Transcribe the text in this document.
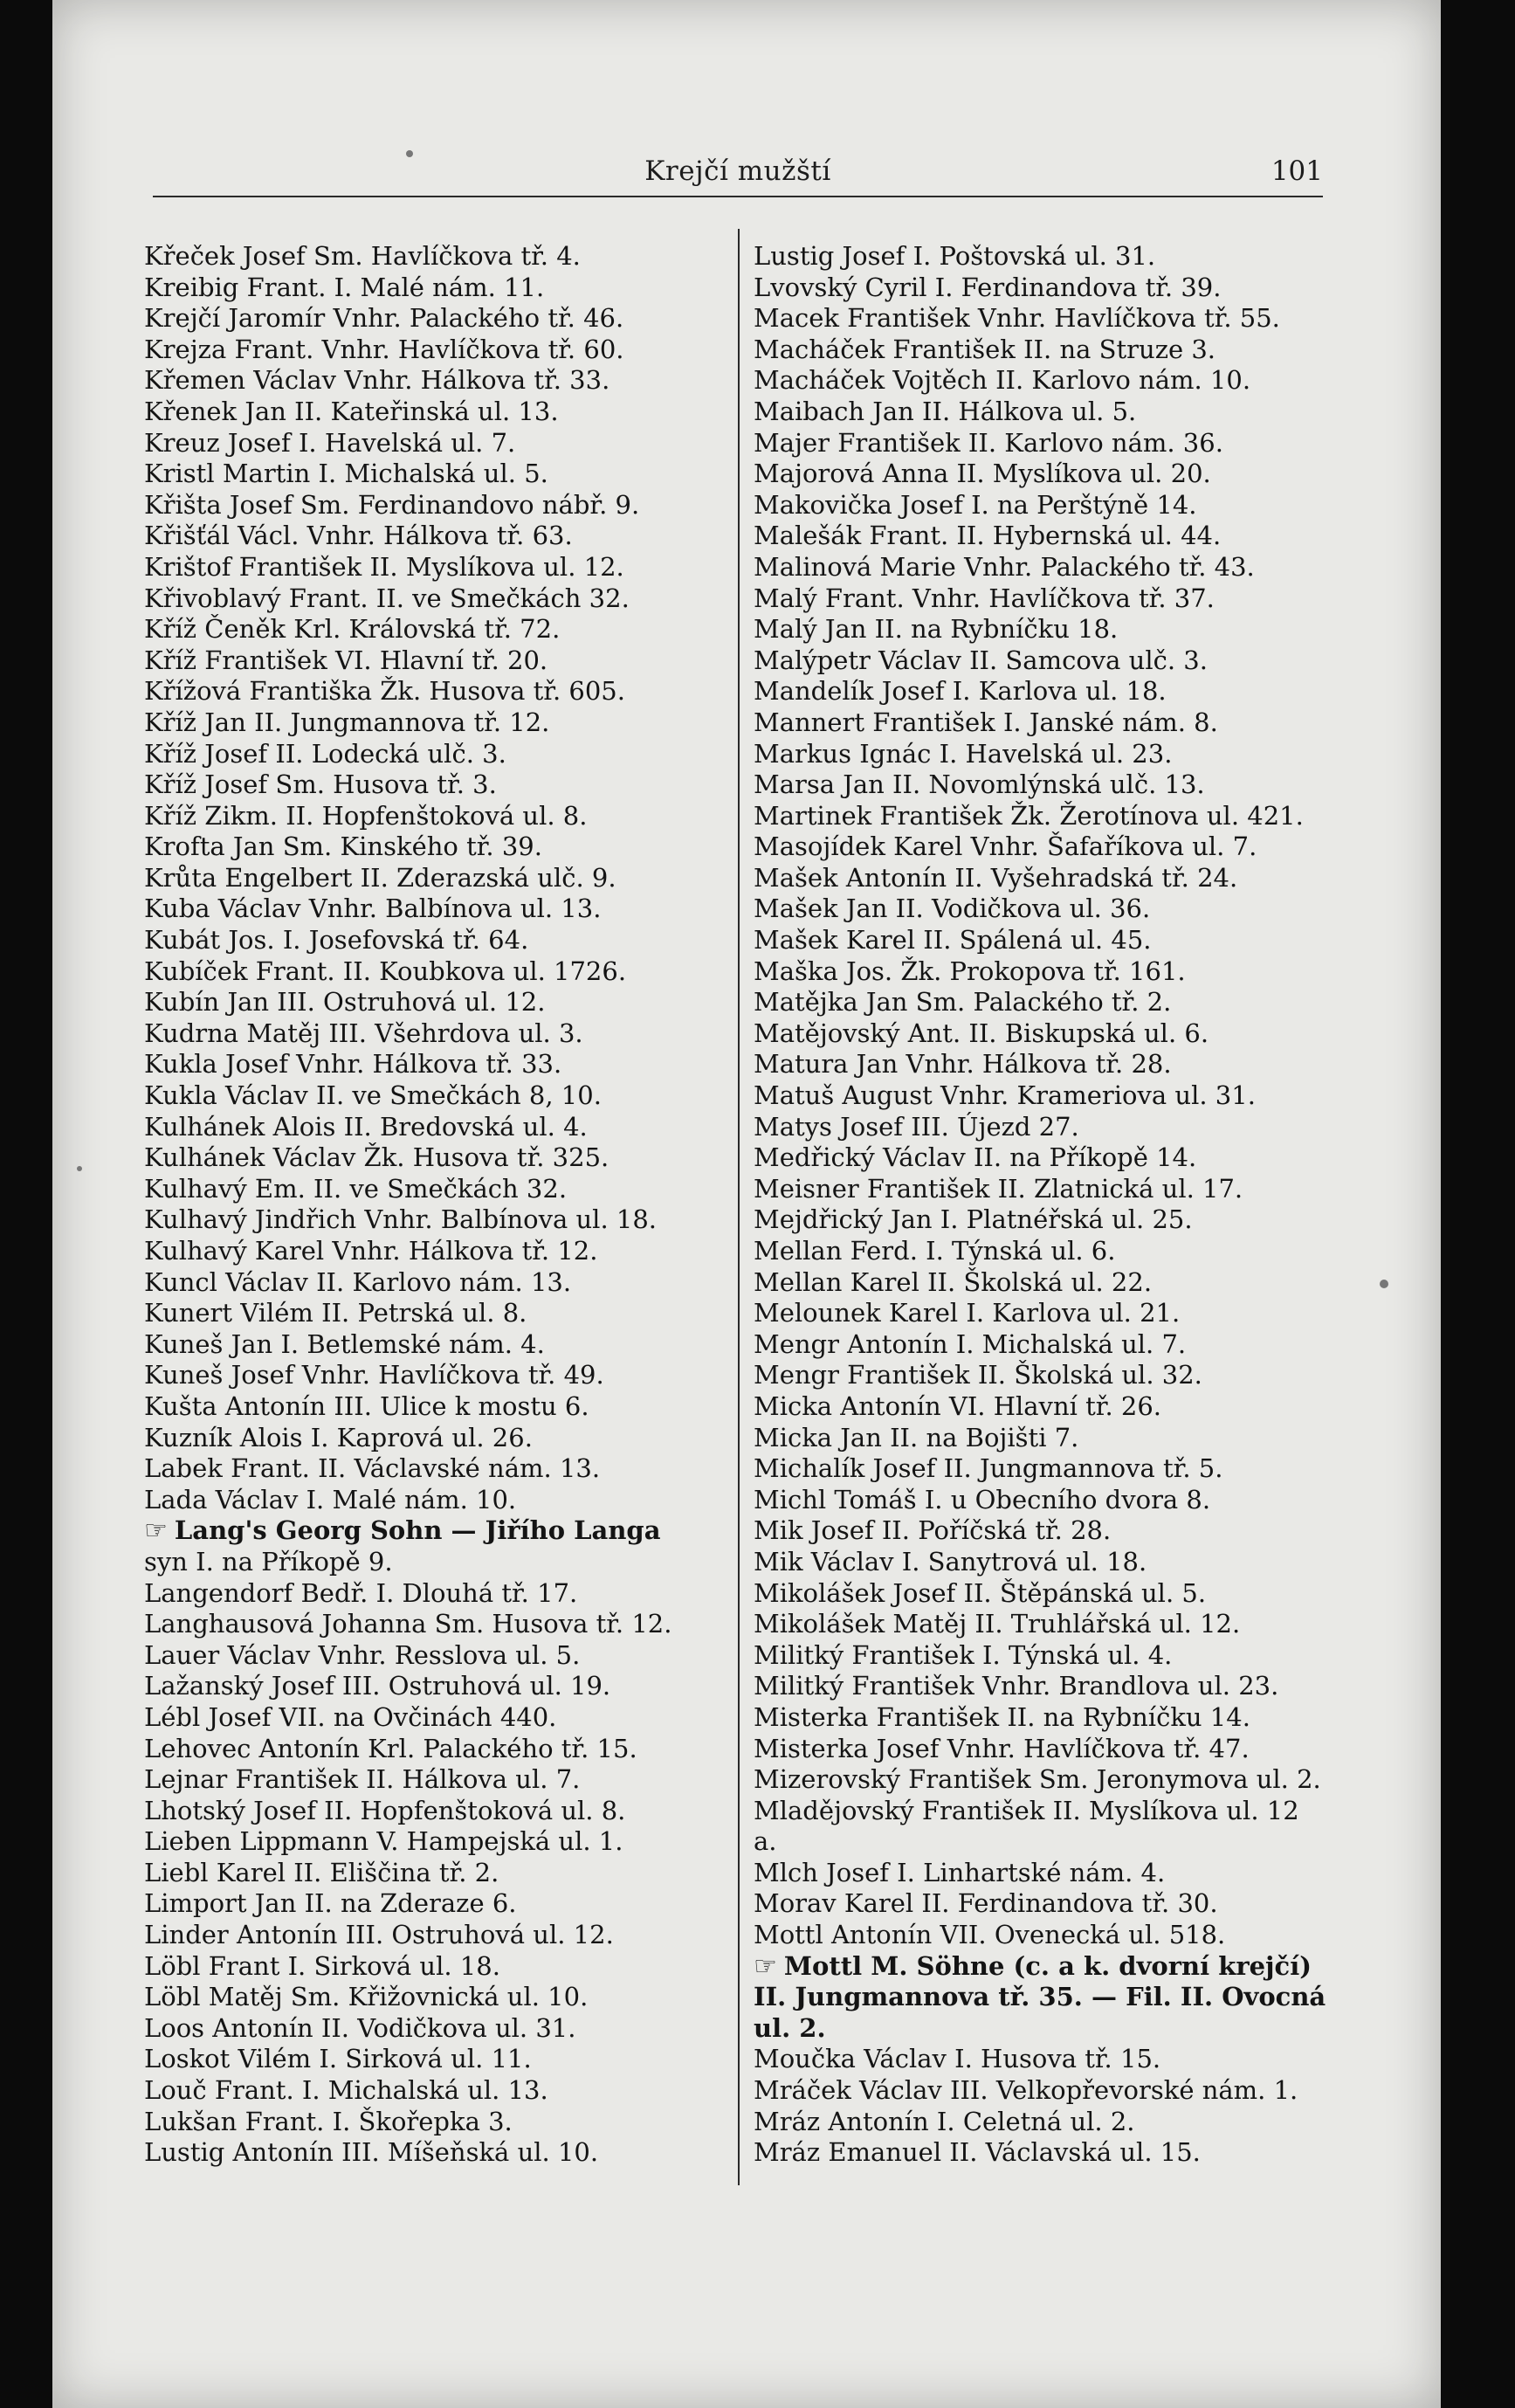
Krejčí mužští	101
Křeček Josef Sm. Havlíčkova tř. 4.
Kreibig Frant. I. Malé nám. 11.
Krejčí Jaromír Vnhr. Palackého tř. 46.
Krejza Frant. Vnhr. Havlíčkova tř. 60.
Křemen Václav Vnhr. Hálkova tř. 33.
Křenek Jan II. Kateřinská ul. 13.
Kreuz Josef I. Havelská ul. 7.
Kristl Martin I. Michalská ul. 5.
Křišta Josef Sm. Ferdinandovo nábř. 9.
Křišťál Václ. Vnhr. Hálkova tř. 63.
Krištof František II. Myslíkova ul. 12.
Křivoblavý Frant. II. ve Smečkách 32.
Kříž Čeněk Krl. Královská tř. 72.
Kříž František VI. Hlavní tř. 20.
Křížová Františka Žk. Husova tř. 605.
Kříž Jan II. Jungmannova tř. 12.
Kříž Josef II. Lodecká ulč. 3.
Kříž Josef Sm. Husova tř. 3.
Kříž Zikm. II. Hopfenštoková ul. 8.
Krofta Jan Sm. Kinského tř. 39.
Krůta Engelbert II. Zderazská ulč. 9.
Kuba Václav Vnhr. Balbínova ul. 13.
Kubát Jos. I. Josefovská tř. 64.
Kubíček Frant. II. Koubkova ul. 1726.
Kubín Jan III. Ostruhová ul. 12.
Kudrna Matěj III. Všehrdova ul. 3.
Kukla Josef Vnhr. Hálkova tř. 33.
Kukla Václav II. ve Smečkách 8, 10.
Kulhánek Alois II. Bredovská ul. 4.
Kulhánek Václav Žk. Husova tř. 325.
Kulhavý Em. II. ve Smečkách 32.
Kulhavý Jindřich Vnhr. Balbínova ul. 18.
Kulhavý Karel Vnhr. Hálkova tř. 12.
Kuncl Václav II. Karlovo nám. 13.
Kunert Vilém II. Petrská ul. 8.
Kuneš Jan I. Betlemské nám. 4.
Kuneš Josef Vnhr. Havlíčkova tř. 49.
Kušta Antonín III. Ulice k mostu 6.
Kuzník Alois I. Kaprová ul. 26.
Labek Frant. II. Václavské nám. 13.
Lada Václav I. Malé nám. 10.
☞ Lang's Georg Sohn — Jiřího Langa
syn I. na Příkopě 9.
Langendorf Bedř. I. Dlouhá tř. 17.
Langhausová Johanna Sm. Husova tř. 12.
Lauer Václav Vnhr. Resslova ul. 5.
Lažanský Josef III. Ostruhová ul. 19.
Lébl Josef VII. na Ovčinách 440.
Lehovec Antonín Krl. Palackého tř. 15.
Lejnar František II. Hálkova ul. 7.
Lhotský Josef II. Hopfenštoková ul. 8.
Lieben Lippmann V. Hampejská ul. 1.
Liebl Karel II. Eliščina tř. 2.
Limport Jan II. na Zderaze 6.
Linder Antonín III. Ostruhová ul. 12.
Löbl Frant I. Sirková ul. 18.
Löbl Matěj Sm. Křižovnická ul. 10.
Loos Antonín II. Vodičkova ul. 31.
Loskot Vilém I. Sirková ul. 11.
Louč Frant. I. Michalská ul. 13.
Lukšan Frant. I. Škořepka 3.
Lustig Antonín III. Míšeňská ul. 10.
Lustig Josef I. Poštovská ul. 31.
Lvovský Cyril I. Ferdinandova tř. 39.
Macek František Vnhr. Havlíčkova tř. 55.
Macháček František II. na Struze 3.
Macháček Vojtěch II. Karlovo nám. 10.
Maibach Jan II. Hálkova ul. 5.
Majer František II. Karlovo nám. 36.
Majorová Anna II. Myslíkova ul. 20.
Makovička Josef I. na Perštýně 14.
Malešák Frant. II. Hybernská ul. 44.
Malinová Marie Vnhr. Palackého tř. 43.
Malý Frant. Vnhr. Havlíčkova tř. 37.
Malý Jan II. na Rybníčku 18.
Malýpetr Václav II. Samcova ulč. 3.
Mandelík Josef I. Karlova ul. 18.
Mannert František I. Janské nám. 8.
Markus Ignác I. Havelská ul. 23.
Marsa Jan II. Novomlýnská ulč. 13.
Martinek František Žk. Žerotínova ul. 421.
Masojídek Karel Vnhr. Šafaříkova ul. 7.
Mašek Antonín II. Vyšehradská tř. 24.
Mašek Jan II. Vodičkova ul. 36.
Mašek Karel II. Spálená ul. 45.
Maška Jos. Žk. Prokopova tř. 161.
Matějka Jan Sm. Palackého tř. 2.
Matějovský Ant. II. Biskupská ul. 6.
Matura Jan Vnhr. Hálkova tř. 28.
Matuš August Vnhr. Krameriova ul. 31.
Matys Josef III. Újezd 27.
Medřický Václav II. na Příkopě 14.
Meisner František II. Zlatnická ul. 17.
Mejdřický Jan I. Platnéřská ul. 25.
Mellan Ferd. I. Týnská ul. 6.
Mellan Karel II. Školská ul. 22.
Melounek Karel I. Karlova ul. 21.
Mengr Antonín I. Michalská ul. 7.
Mengr František II. Školská ul. 32.
Micka Antonín VI. Hlavní tř. 26.
Micka Jan II. na Bojišti 7.
Michalík Josef II. Jungmannova tř. 5.
Michl Tomáš I. u Obecního dvora 8.
Mik Josef II. Poříčská tř. 28.
Mik Václav I. Sanytrová ul. 18.
Mikolášek Josef II. Štěpánská ul. 5.
Mikolášek Matěj II. Truhlářská ul. 12.
Militký František I. Týnská ul. 4.
Militký František Vnhr. Brandlova ul. 23.
Misterka František II. na Rybníčku 14.
Misterka Josef Vnhr. Havlíčkova tř. 47.
Mizerovský František Sm. Jeronymova ul. 2.
Mladějovský František II. Myslíkova ul. 12 a.
Mlch Josef I. Linhartské nám. 4.
Morav Karel II. Ferdinandova tř. 30.
Mottl Antonín VII. Ovenecká ul. 518.
☞ Mottl M. Söhne (c. a k. dvorní krejčí) II. Jungmannova tř. 35. — Fil. II. Ovocná ul. 2.
Moučka Václav I. Husova tř. 15.
Mráček Václav III. Velkopřevorské nám. 1.
Mráz Antonín I. Celetná ul. 2.
Mráz Emanuel II. Václavská ul. 15.
